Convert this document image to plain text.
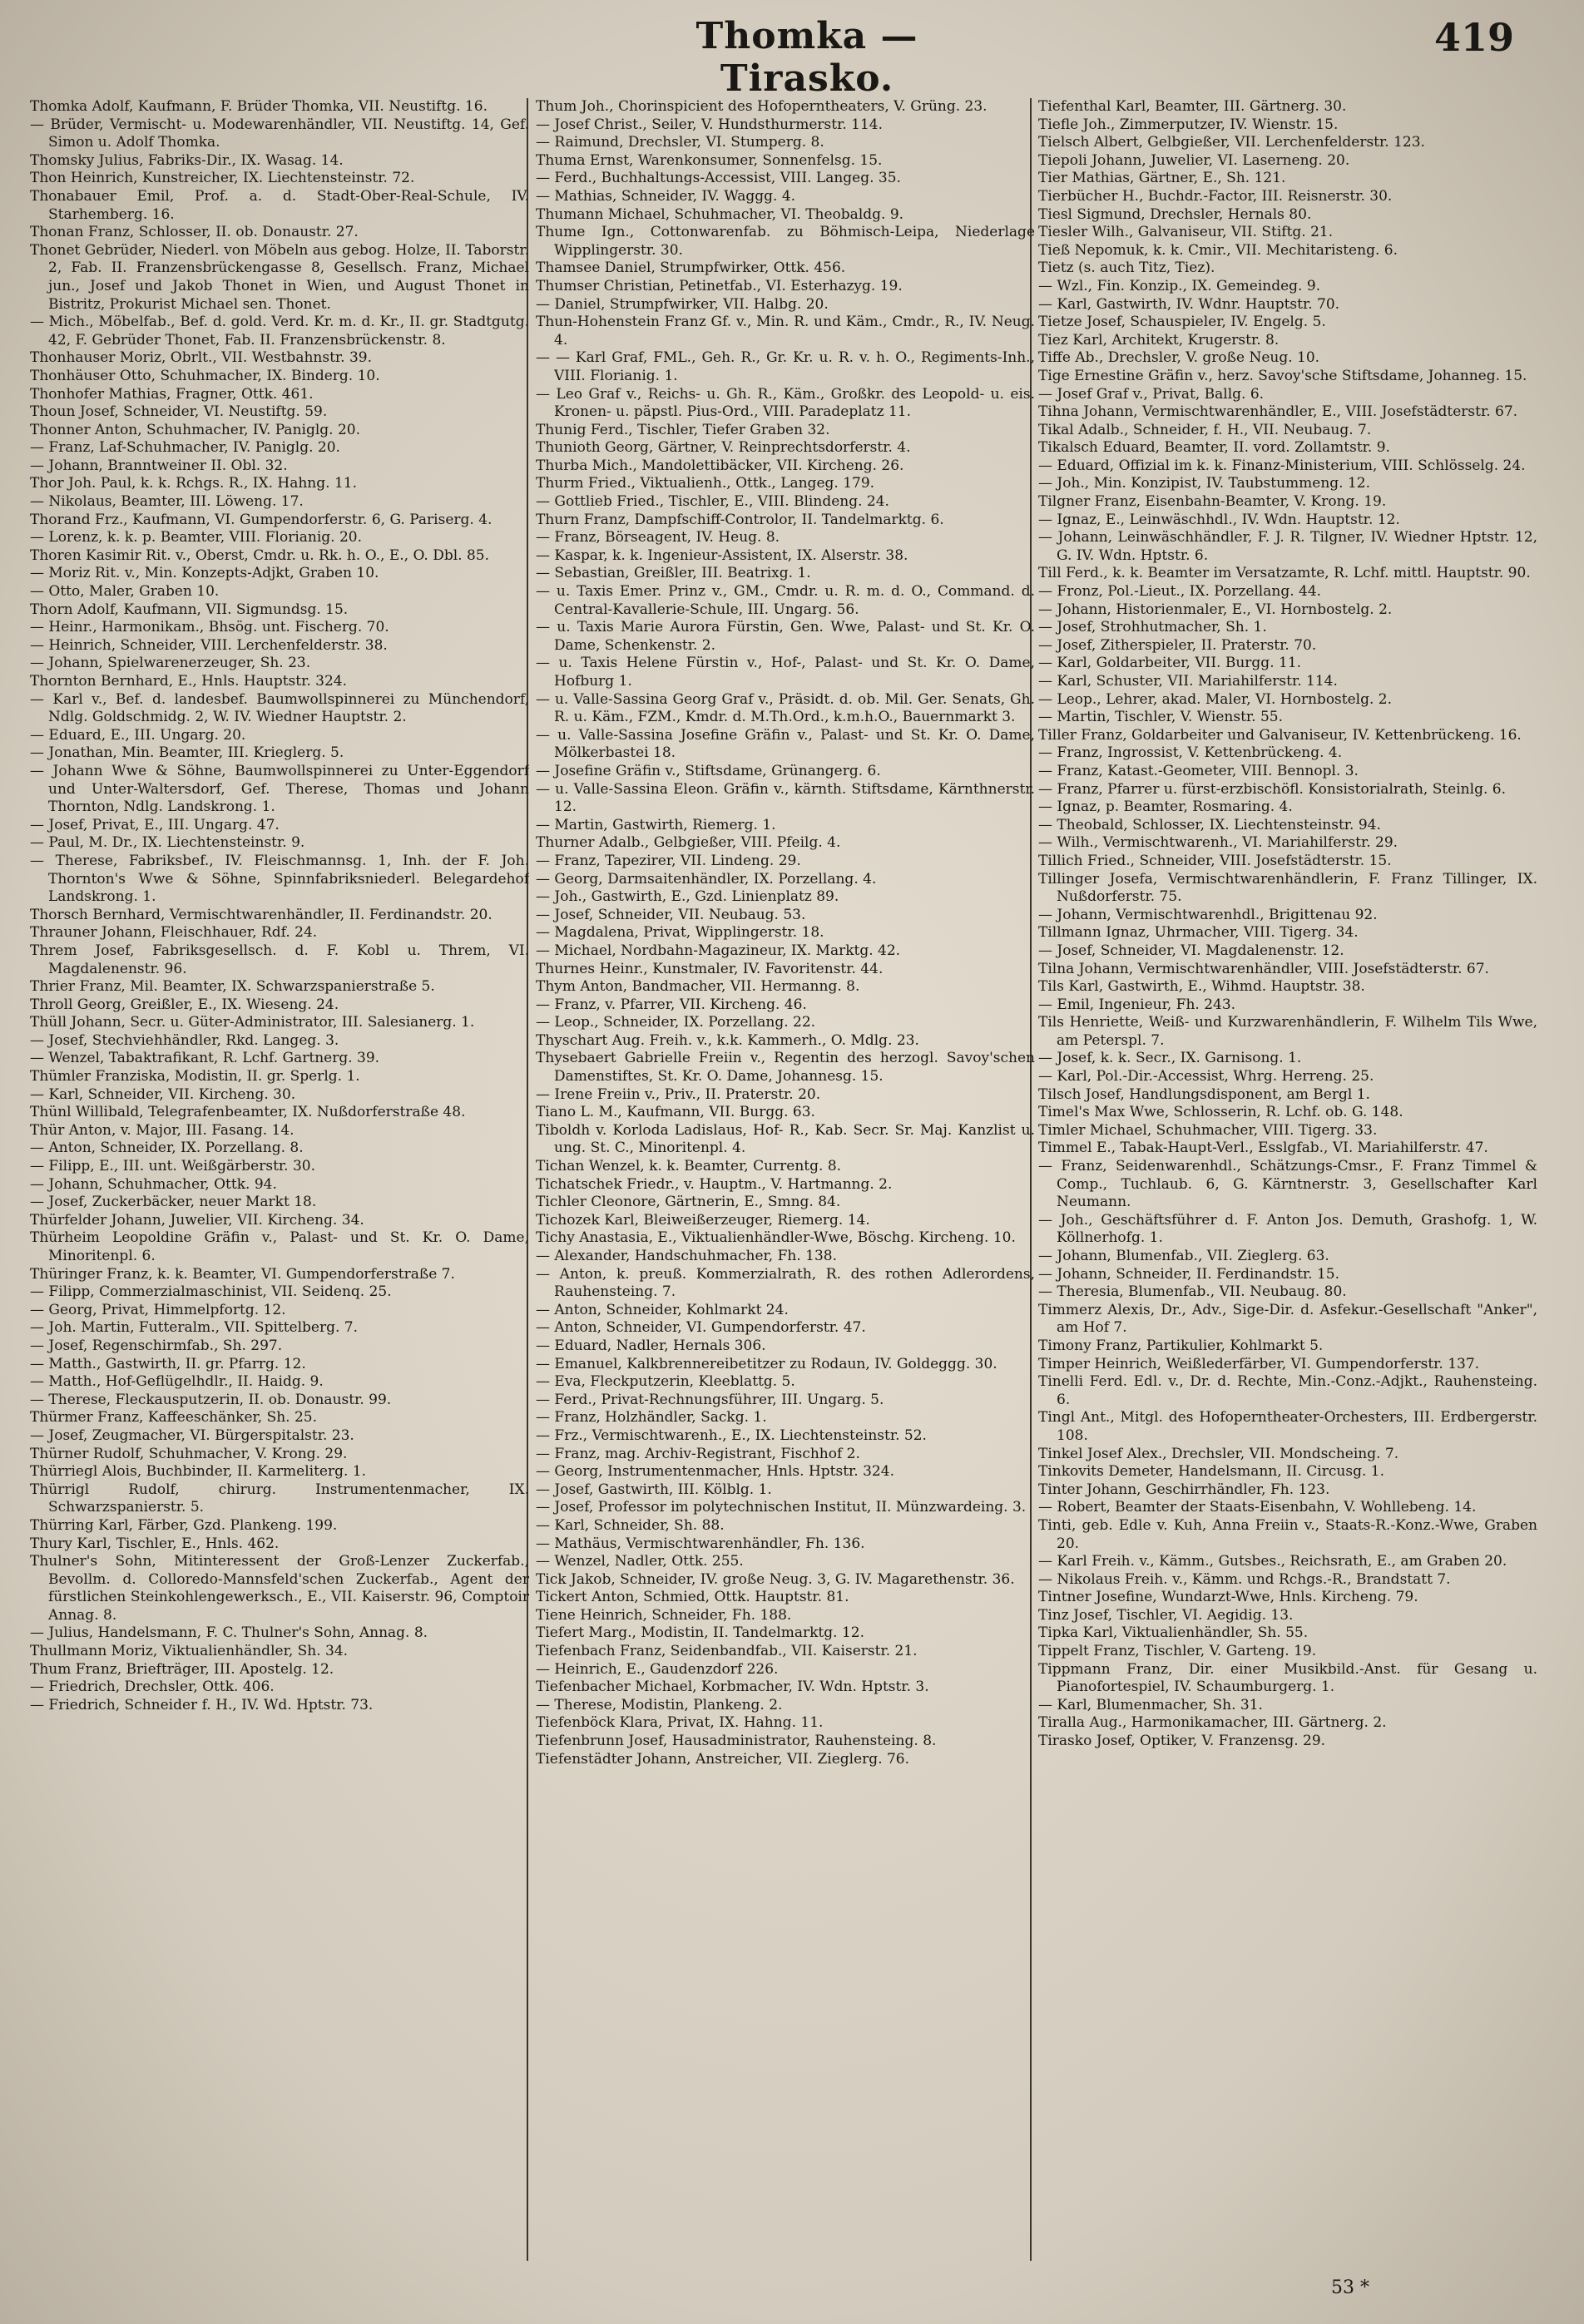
Thomka — Tirasko.
419

Thomka Adolf, Kaufmann, F. Brüder Thomka, VII. Neustiftg. 16.

— Brüder, Vermischt- u. Modewarenhändler, VII. Neustiftg. 14, Gef. Simon u. Adolf Thomka.

Thomsky Julius, Fabriks-Dir., IX. Wasag. 14.

Thon Heinrich, Kunstreicher, IX. Liechtensteinstr. 72.

Thonabauer Emil, Prof. a. d. Stadt-Ober-Real-Schule, IV. Starhemberg. 16.

Thonan Franz, Schlosser, II. ob. Donaustr. 27.

Thonet Gebrüder, Niederl. von Möbeln aus gebog. Holze, II. Taborstr. 2, Fab. II. Franzensbrückengasse 8, Gesellsch. Franz, Michael jun., Josef und Jakob Thonet in Wien, und August Thonet in Bistritz, Prokurist Michael sen. Thonet.

— Mich., Möbelfab., Bef. d. gold. Verd. Kr. m. d. Kr., II. gr. Stadtgutg. 42, F. Gebrüder Thonet, Fab. II. Franzensbrückenstr. 8.

Thonhauser Moriz, Obrlt., VII. Westbahnstr. 39.

Thonhäuser Otto, Schuhmacher, IX. Binderg. 10.

Thonhofer Mathias, Fragner, Ottk. 461.

Thoun Josef, Schneider, VI. Neustiftg. 59.

Thonner Anton, Schuhmacher, IV. Paniglg. 20.

— Franz, Laf-Schuhmacher, IV. Paniglg. 20.

— Johann, Branntweiner II. Obl. 32.

Thor Joh. Paul, k. k. Rchgs. R., IX. Hahng. 11.

— Nikolaus, Beamter, III. Löweng. 17.

Thorand Frz., Kaufmann, VI. Gumpendorferstr. 6, G. Pariserg. 4.

— Lorenz, k. k. p. Beamter, VIII. Florianig. 20.

Thoren Kasimir Rit. v., Oberst, Cmdr. u. Rk. h. O., E., O. Dbl. 85.

— Moriz Rit. v., Min. Konzepts-Adjkt, Graben 10.

— Otto, Maler, Graben 10.

Thorn Adolf, Kaufmann, VII. Sigmundsg. 15.

— Heinr., Harmonikam., Bhsög. unt. Fischerg. 70.

— Heinrich, Schneider, VIII. Lerchenfelderstr. 38.

— Johann, Spielwarenerzeuger, Sh. 23.

Thornton Bernhard, E., Hnls. Hauptstr. 324.

— Karl v., Bef. d. landesbef. Baumwollspinnerei zu Münchendorf, Ndlg. Goldschmidg. 2, W. IV. Wiedner Hauptstr. 2.

— Eduard, E., III. Ungarg. 20.

— Jonathan, Min. Beamter, III. Krieglerg. 5.

— Johann Wwe & Söhne, Baumwollspinnerei zu Unter-Eggendorf und Unter-Waltersdorf, Gef. Therese, Thomas und Johann Thornton, Ndlg. Landskrong. 1.

— Josef, Privat, E., III. Ungarg. 47.

— Paul, M. Dr., IX. Liechtensteinstr. 9.

— Therese, Fabriksbef., IV. Fleischmannsg. 1, Inh. der F. Joh. Thornton's Wwe & Söhne, Spinnfabriksniederl. Belegardehof Landskrong. 1.

Thorsch Bernhard, Vermischtwarenhändler, II. Ferdinandstr. 20.

Thrauner Johann, Fleischhauer, Rdf. 24.

Threm Josef, Fabriksgesellsch. d. F. Kobl u. Threm, VI. Magdalenenstr. 96.

Thrier Franz, Mil. Beamter, IX. Schwarzspanierstraße 5.

Throll Georg, Greißler, E., IX. Wieseng. 24.

Thüll Johann, Secr. u. Güter-Administrator, III. Salesianerg. 1.

— Josef, Stechviehhändler, Rkd. Langeg. 3.

— Wenzel, Tabaktrafikant, R. Lchf. Gartnerg. 39.

Thümler Franziska, Modistin, II. gr. Sperlg. 1.

— Karl, Schneider, VII. Kircheng. 30.

Thünl Willibald, Telegrafenbeamter, IX. Nußdorferstraße 48.

Thür Anton, v. Major, III. Fasang. 14.

— Anton, Schneider, IX. Porzellang. 8.

— Filipp, E., III. unt. Weißgärberstr. 30.

— Johann, Schuhmacher, Ottk. 94.

— Josef, Zuckerbäcker, neuer Markt 18.

Thürfelder Johann, Juwelier, VII. Kircheng. 34.

Thürheim Leopoldine Gräfin v., Palast- und St. Kr. O. Dame, Minoritenpl. 6.

Thüringer Franz, k. k. Beamter, VI. Gumpendorferstraße 7.

— Filipp, Commerzialmaschinist, VII. Seidenq. 25.

— Georg, Privat, Himmelpfortg. 12.

— Joh. Martin, Futteralm., VII. Spittelberg. 7.

— Josef, Regenschirmfab., Sh. 297.

— Matth., Gastwirth, II. gr. Pfarrg. 12.

— Matth., Hof-Geflügelhdlr., II. Haidg. 9.

— Therese, Fleckausputzerin, II. ob. Donaustr. 99.

Thürmer Franz, Kaffeeschänker, Sh. 25.

— Josef, Zeugmacher, VI. Bürgerspitalstr. 23.

Thürner Rudolf, Schuhmacher, V. Krong. 29.

Thürriegl Alois, Buchbinder, II. Karmeliterg. 1.

Thürrigl Rudolf, chirurg. Instrumentenmacher, IX. Schwarzspanierstr. 5.

Thürring Karl, Färber, Gzd. Plankeng. 199.

Thury Karl, Tischler, E., Hnls. 462.

Thulner's Sohn, Mitinteressent der Groß-Lenzer Zuckerfab., Bevollm. d. Colloredo-Mannsfeld'schen Zuckerfab., Agent der fürstlichen Steinkohlengewerksch., E., VII. Kaiserstr. 96, Comptoir Annag. 8.

— Julius, Handelsmann, F. C. Thulner's Sohn, Annag. 8.

Thullmann Moriz, Viktualienhändler, Sh. 34.

Thum Franz, Briefträger, III. Apostelg. 12.

— Friedrich, Drechsler, Ottk. 406.

— Friedrich, Schneider f. H., IV. Wd. Hptstr. 73.

Thum Joh., Chorinspicient des Hofoperntheaters, V. Grüng. 23.

— Josef Christ., Seiler, V. Hundsthurmerstr. 114.

— Raimund, Drechsler, VI. Stumperg. 8.

Thuma Ernst, Warenkonsumer, Sonnenfelsg. 15.

— Ferd., Buchhaltungs-Accessist, VIII. Langeg. 35.

— Mathias, Schneider, IV. Waggg. 4.

Thumann Michael, Schuhmacher, VI. Theobaldg. 9.

Thume Ign., Cottonwarenfab. zu Böhmisch-Leipa, Niederlage Wipplingerstr. 30.

Thamsee Daniel, Strumpfwirker, Ottk. 456.

Thumser Christian, Petinetfab., VI. Esterhazyg. 19.

— Daniel, Strumpfwirker, VII. Halbg. 20.

Thun-Hohenstein Franz Gf. v., Min. R. und Käm., Cmdr., R., IV. Neug. 4.

— — Karl Graf, FML., Geh. R., Gr. Kr. u. R. v. h. O., Regiments-Inh., VIII. Florianig. 1.

— Leo Graf v., Reichs- u. Gh. R., Käm., Großkr. des Leopold- u. eis. Kronen- u. päpstl. Pius-Ord., VIII. Paradeplatz 11.

Thunig Ferd., Tischler, Tiefer Graben 32.

Thunioth Georg, Gärtner, V. Reinprechtsdorferstr. 4.

Thurba Mich., Mandolettibäcker, VII. Kircheng. 26.

Thurm Fried., Viktualienh., Ottk., Langeg. 179.

— Gottlieb Fried., Tischler, E., VIII. Blindeng. 24.

Thurn Franz, Dampfschiff-Controlor, II. Tandelmarktg. 6.

— Franz, Börseagent, IV. Heug. 8.

— Kaspar, k. k. Ingenieur-Assistent, IX. Alserstr. 38.

— Sebastian, Greißler, III. Beatrixg. 1.

— u. Taxis Emer. Prinz v., GM., Cmdr. u. R. m. d. O., Command. d. Central-Kavallerie-Schule, III. Ungarg. 56.

— u. Taxis Marie Aurora Fürstin, Gen. Wwe, Palast- und St. Kr. O. Dame, Schenkenstr. 2.

— u. Taxis Helene Fürstin v., Hof-, Palast- und St. Kr. O. Dame, Hofburg 1.

— u. Valle-Sassina Georg Graf v., Präsidt. d. ob. Mil. Ger. Senats, Gh. R. u. Käm., FZM., Kmdr. d. M.Th.Ord., k.m.h.O., Bauernmarkt 3.

— u. Valle-Sassina Josefine Gräfin v., Palast- und St. Kr. O. Dame, Mölkerbastei 18.

— Josefine Gräfin v., Stiftsdame, Grünangerg. 6.

— u. Valle-Sassina Eleon. Gräfin v., kärnth. Stiftsdame, Kärnthnerstr. 12.

— Martin, Gastwirth, Riemerg. 1.

Thurner Adalb., Gelbgießer, VIII. Pfeilg. 4.

— Franz, Tapezirer, VII. Lindeng. 29.

— Georg, Darmsaitenhändler, IX. Porzellang. 4.

— Joh., Gastwirth, E., Gzd. Linienplatz 89.

— Josef, Schneider, VII. Neubaug. 53.

— Magdalena, Privat, Wipplingerstr. 18.

— Michael, Nordbahn-Magazineur, IX. Marktg. 42.

Thurnes Heinr., Kunstmaler, IV. Favoritenstr. 44.

Thym Anton, Bandmacher, VII. Hermanng. 8.

— Franz, v. Pfarrer, VII. Kircheng. 46.

— Leop., Schneider, IX. Porzellang. 22.

Thyschart Aug. Freih. v., k.k. Kammerh., O. Mdlg. 23.

Thysebaert Gabrielle Freiin v., Regentin des herzogl. Savoy'schen Damenstiftes, St. Kr. O. Dame, Johannesg. 15.

— Irene Freiin v., Priv., II. Praterstr. 20.

Tiano L. M., Kaufmann, VII. Burgg. 63.

Tiboldh v. Korloda Ladislaus, Hof- R., Kab. Secr. Sr. Maj. Kanzlist u. ung. St. C., Minoritenpl. 4.

Tichan Wenzel, k. k. Beamter, Currentg. 8.

Tichatschek Friedr., v. Hauptm., V. Hartmanng. 2.

Tichler Cleonore, Gärtnerin, E., Smng. 84.

Tichozek Karl, Bleiweißerzeuger, Riemerg. 14.

Tichy Anastasia, E., Viktualienhändler-Wwe, Böschg. Kircheng. 10.

— Alexander, Handschuhmacher, Fh. 138.

— Anton, k. preuß. Kommerzialrath, R. des rothen Adlerordens, Rauhensteing. 7.

— Anton, Schneider, Kohlmarkt 24.

— Anton, Schneider, VI. Gumpendorferstr. 47.

— Eduard, Nadler, Hernals 306.

— Emanuel, Kalkbrennereibetitzer zu Rodaun, IV. Goldeggg. 30.

— Eva, Fleckputzerin, Kleeblattg. 5.

— Ferd., Privat-Rechnungsführer, III. Ungarg. 5.

— Franz, Holzhändler, Sackg. 1.

— Frz., Vermischtwarenh., E., IX. Liechtensteinstr. 52.

— Franz, mag. Archiv-Registrant, Fischhof 2.

— Georg, Instrumentenmacher, Hnls. Hptstr. 324.

— Josef, Gastwirth, III. Kölblg. 1.

— Josef, Professor im polytechnischen Institut, II. Münzwardeing. 3.

— Karl, Schneider, Sh. 88.

— Mathäus, Vermischtwarenhändler, Fh. 136.

— Wenzel, Nadler, Ottk. 255.

Tick Jakob, Schneider, IV. große Neug. 3, G. IV. Magarethenstr. 36.

Tickert Anton, Schmied, Ottk. Hauptstr. 81.

Tiene Heinrich, Schneider, Fh. 188.

Tiefert Marg., Modistin, II. Tandelmarktg. 12.

Tiefenbach Franz, Seidenbandfab., VII. Kaiserstr. 21.

— Heinrich, E., Gaudenzdorf 226.

Tiefenbacher Michael, Korbmacher, IV. Wdn. Hptstr. 3.

— Therese, Modistin, Plankeng. 2.

Tiefenböck Klara, Privat, IX. Hahng. 11.

Tiefenbrunn Josef, Hausadministrator, Rauhensteing. 8.

Tiefenstädter Johann, Anstreicher, VII. Zieglerg. 76.

Tiefenthal Karl, Beamter, III. Gärtnerg. 30.

Tiefle Joh., Zimmerputzer, IV. Wienstr. 15.

Tielsch Albert, Gelbgießer, VII. Lerchenfelderstr. 123.

Tiepoli Johann, Juwelier, VI. Laserneng. 20.

Tier Mathias, Gärtner, E., Sh. 121.

Tierbücher H., Buchdr.-Factor, III. Reisnerstr. 30.

Tiesl Sigmund, Drechsler, Hernals 80.

Tiesler Wilh., Galvaniseur, VII. Stiftg. 21.

Tieß Nepomuk, k. k. Cmir., VII. Mechitaristeng. 6.

Tietz (s. auch Titz, Tiez).

— Wzl., Fin. Konzip., IX. Gemeindeg. 9.

— Karl, Gastwirth, IV. Wdnr. Hauptstr. 70.

Tietze Josef, Schauspieler, IV. Engelg. 5.

Tiez Karl, Architekt, Krugerstr. 8.

Tiffe Ab., Drechsler, V. große Neug. 10.

Tige Ernestine Gräfin v., herz. Savoy'sche Stiftsdame, Johanneg. 15.

— Josef Graf v., Privat, Ballg. 6.

Tihna Johann, Vermischtwarenhändler, E., VIII. Josefstädterstr. 67.

Tikal Adalb., Schneider, f. H., VII. Neubaug. 7.

Tikalsch Eduard, Beamter, II. vord. Zollamtstr. 9.

— Eduard, Offizial im k. k. Finanz-Ministerium, VIII. Schlösselg. 24.

— Joh., Min. Konzipist, IV. Taubstummeng. 12.

Tilgner Franz, Eisenbahn-Beamter, V. Krong. 19.

— Ignaz, E., Leinwäschhdl., IV. Wdn. Hauptstr. 12.

— Johann, Leinwäschhändler, F. J. R. Tilgner, IV. Wiedner Hptstr. 12, G. IV. Wdn. Hptstr. 6.

Till Ferd., k. k. Beamter im Versatzamte, R. Lchf. mittl. Hauptstr. 90.

— Fronz, Pol.-Lieut., IX. Porzellang. 44.

— Johann, Historienmaler, E., VI. Hornbostelg. 2.

— Josef, Strohhutmacher, Sh. 1.

— Josef, Zitherspieler, II. Praterstr. 70.

— Karl, Goldarbeiter, VII. Burgg. 11.

— Karl, Schuster, VII. Mariahilferstr. 114.

— Leop., Lehrer, akad. Maler, VI. Hornbostelg. 2.

— Martin, Tischler, V. Wienstr. 55.

Tiller Franz, Goldarbeiter und Galvaniseur, IV. Kettenbrückeng. 16.

— Franz, Ingrossist, V. Kettenbrückeng. 4.

— Franz, Katast.-Geometer, VIII. Bennopl. 3.

— Franz, Pfarrer u. fürst-erzbischöfl. Konsistorialrath, Steinlg. 6.

— Ignaz, p. Beamter, Rosmaring. 4.

— Theobald, Schlosser, IX. Liechtensteinstr. 94.

— Wilh., Vermischtwarenh., VI. Mariahilferstr. 29.

Tillich Fried., Schneider, VIII. Josefstädterstr. 15.

Tillinger Josefa, Vermischtwarenhändlerin, F. Franz Tillinger, IX. Nußdorferstr. 75.

— Johann, Vermischtwarenhdl., Brigittenau 92.

Tillmann Ignaz, Uhrmacher, VIII. Tigerg. 34.

— Josef, Schneider, VI. Magdalenenstr. 12.

Tilna Johann, Vermischtwarenhändler, VIII. Josefstädterstr. 67.

Tils Karl, Gastwirth, E., Wihmd. Hauptstr. 38.

— Emil, Ingenieur, Fh. 243.

Tils Henriette, Weiß- und Kurzwarenhändlerin, F. Wilhelm Tils Wwe, am Peterspl. 7.

— Josef, k. k. Secr., IX. Garnisong. 1.

— Karl, Pol.-Dir.-Accessist, Whrg. Herreng. 25.

Tilsch Josef, Handlungsdisponent, am Bergl 1.

Timel's Max Wwe, Schlosserin, R. Lchf. ob. G. 148.

Timler Michael, Schuhmacher, VIII. Tigerg. 33.

Timmel E., Tabak-Haupt-Verl., Esslgfab., VI. Mariahilferstr. 47.

— Franz, Seidenwarenhdl., Schätzungs-Cmsr., F. Franz Timmel & Comp., Tuchlaub. 6, G. Kärntnerstr. 3, Gesellschafter Karl Neumann.

— Joh., Geschäftsführer d. F. Anton Jos. Demuth, Grashofg. 1, W. Köllnerhofg. 1.

— Johann, Blumenfab., VII. Zieglerg. 63.

— Johann, Schneider, II. Ferdinandstr. 15.

— Theresia, Blumenfab., VII. Neubaug. 80.

Timmerz Alexis, Dr., Adv., Sige-Dir. d. Asfekur.-Gesellschaft "Anker", am Hof 7.

Timony Franz, Partikulier, Kohlmarkt 5.

Timper Heinrich, Weißlederfärber, VI. Gumpendorferstr. 137.

Tinelli Ferd. Edl. v., Dr. d. Rechte, Min.-Conz.-Adjkt., Rauhensteing. 6.

Tingl Ant., Mitgl. des Hofoperntheater-Orchesters, III. Erdbergerstr. 108.

Tinkel Josef Alex., Drechsler, VII. Mondscheing. 7.

Tinkovits Demeter, Handelsmann, II. Circusg. 1.

Tinter Johann, Geschirrhändler, Fh. 123.

— Robert, Beamter der Staats-Eisenbahn, V. Wohllebeng. 14.

Tinti, geb. Edle v. Kuh, Anna Freiin v., Staats-R.-Konz.-Wwe, Graben 20.

— Karl Freih. v., Kämm., Gutsbes., Reichsrath, E., am Graben 20.

— Nikolaus Freih. v., Kämm. und Rchgs.-R., Brandstatt 7.

Tintner Josefine, Wundarzt-Wwe, Hnls. Kircheng. 79.

Tinz Josef, Tischler, VI. Aegidig. 13.

Tipka Karl, Viktualienhändler, Sh. 55.

Tippelt Franz, Tischler, V. Garteng. 19.

Tippmann Franz, Dir. einer Musikbild.-Anst. für Gesang u. Pianofortespiel, IV. Schaumburgerg. 1.

— Karl, Blumenmacher, Sh. 31.

Tiralla Aug., Harmonikamacher, III. Gärtnerg. 2.

Tirasko Josef, Optiker, V. Franzensg. 29.

53 *
